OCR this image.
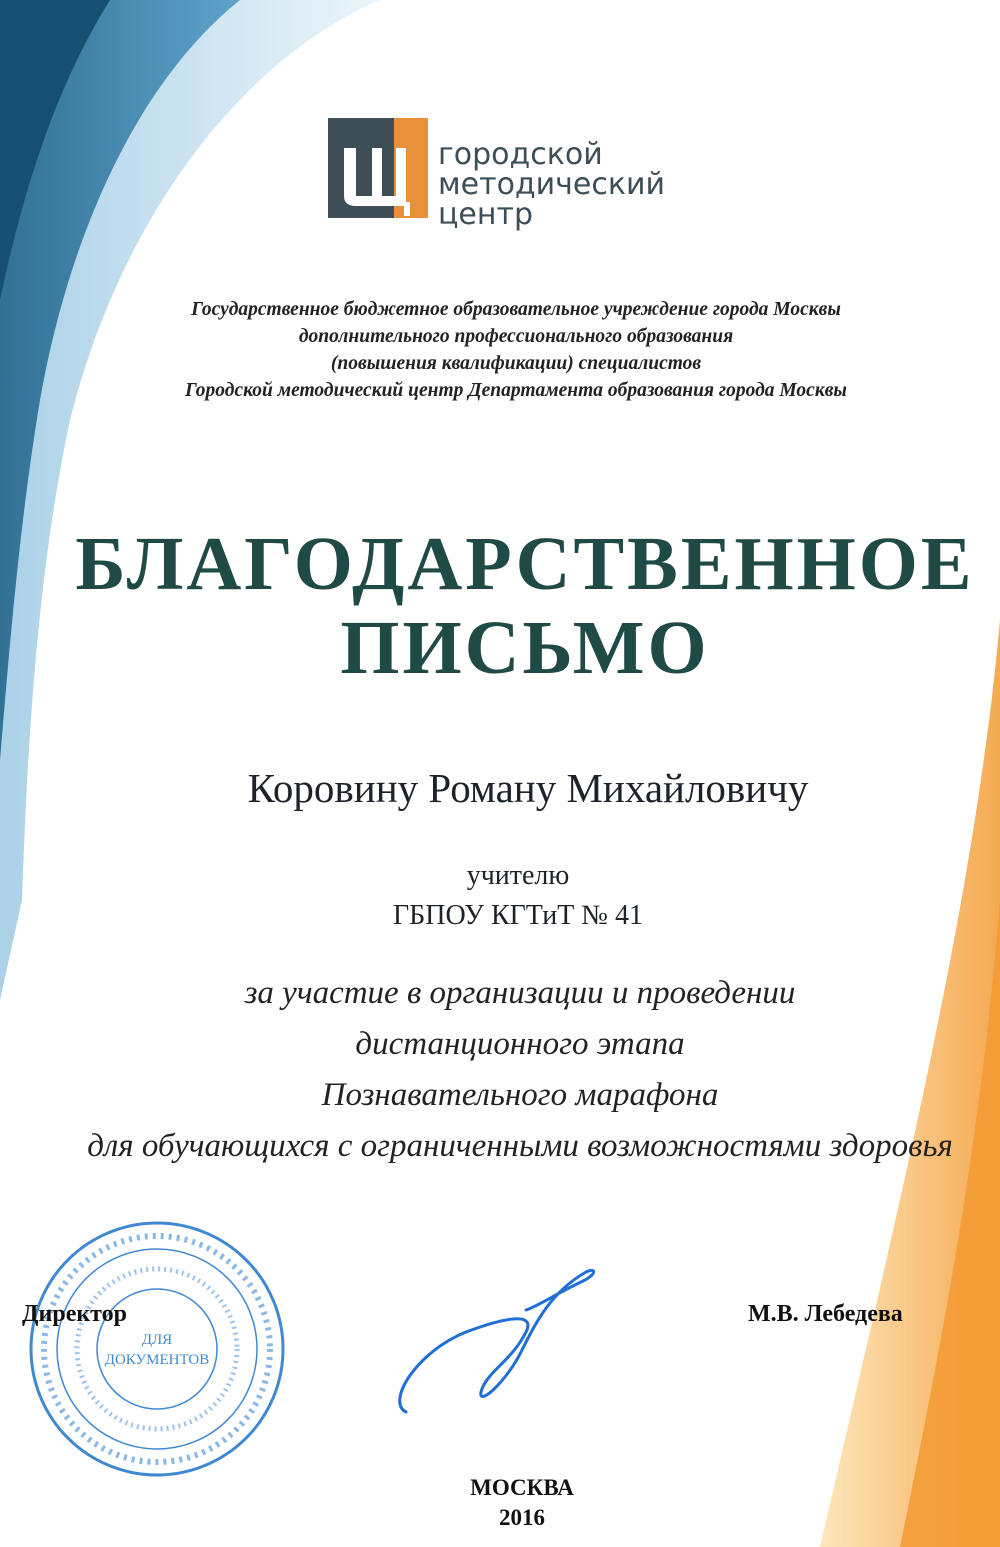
городской
методический
центр
Государственное бюджетное образовательное учреждение города Москвы
дополнительного профессионального образования
(повышения квалификации) специалистов
Городской методический центр Департамента образования города Москвы
БЛАГОДАРСТВЕННОЕ
ПИСЬМО
Коровину Роману Михайловичу
учителю
ГБПОУ КГТиТ № 41
за участие в организации и проведении
дистанционного этапа
Познавательного марафона
для обучающихся с ограниченными возможностями здоровья
ДЛЯ
ДОКУМЕНТОВ
Директор	М.В. Лебедева
МОСКВА
2016
